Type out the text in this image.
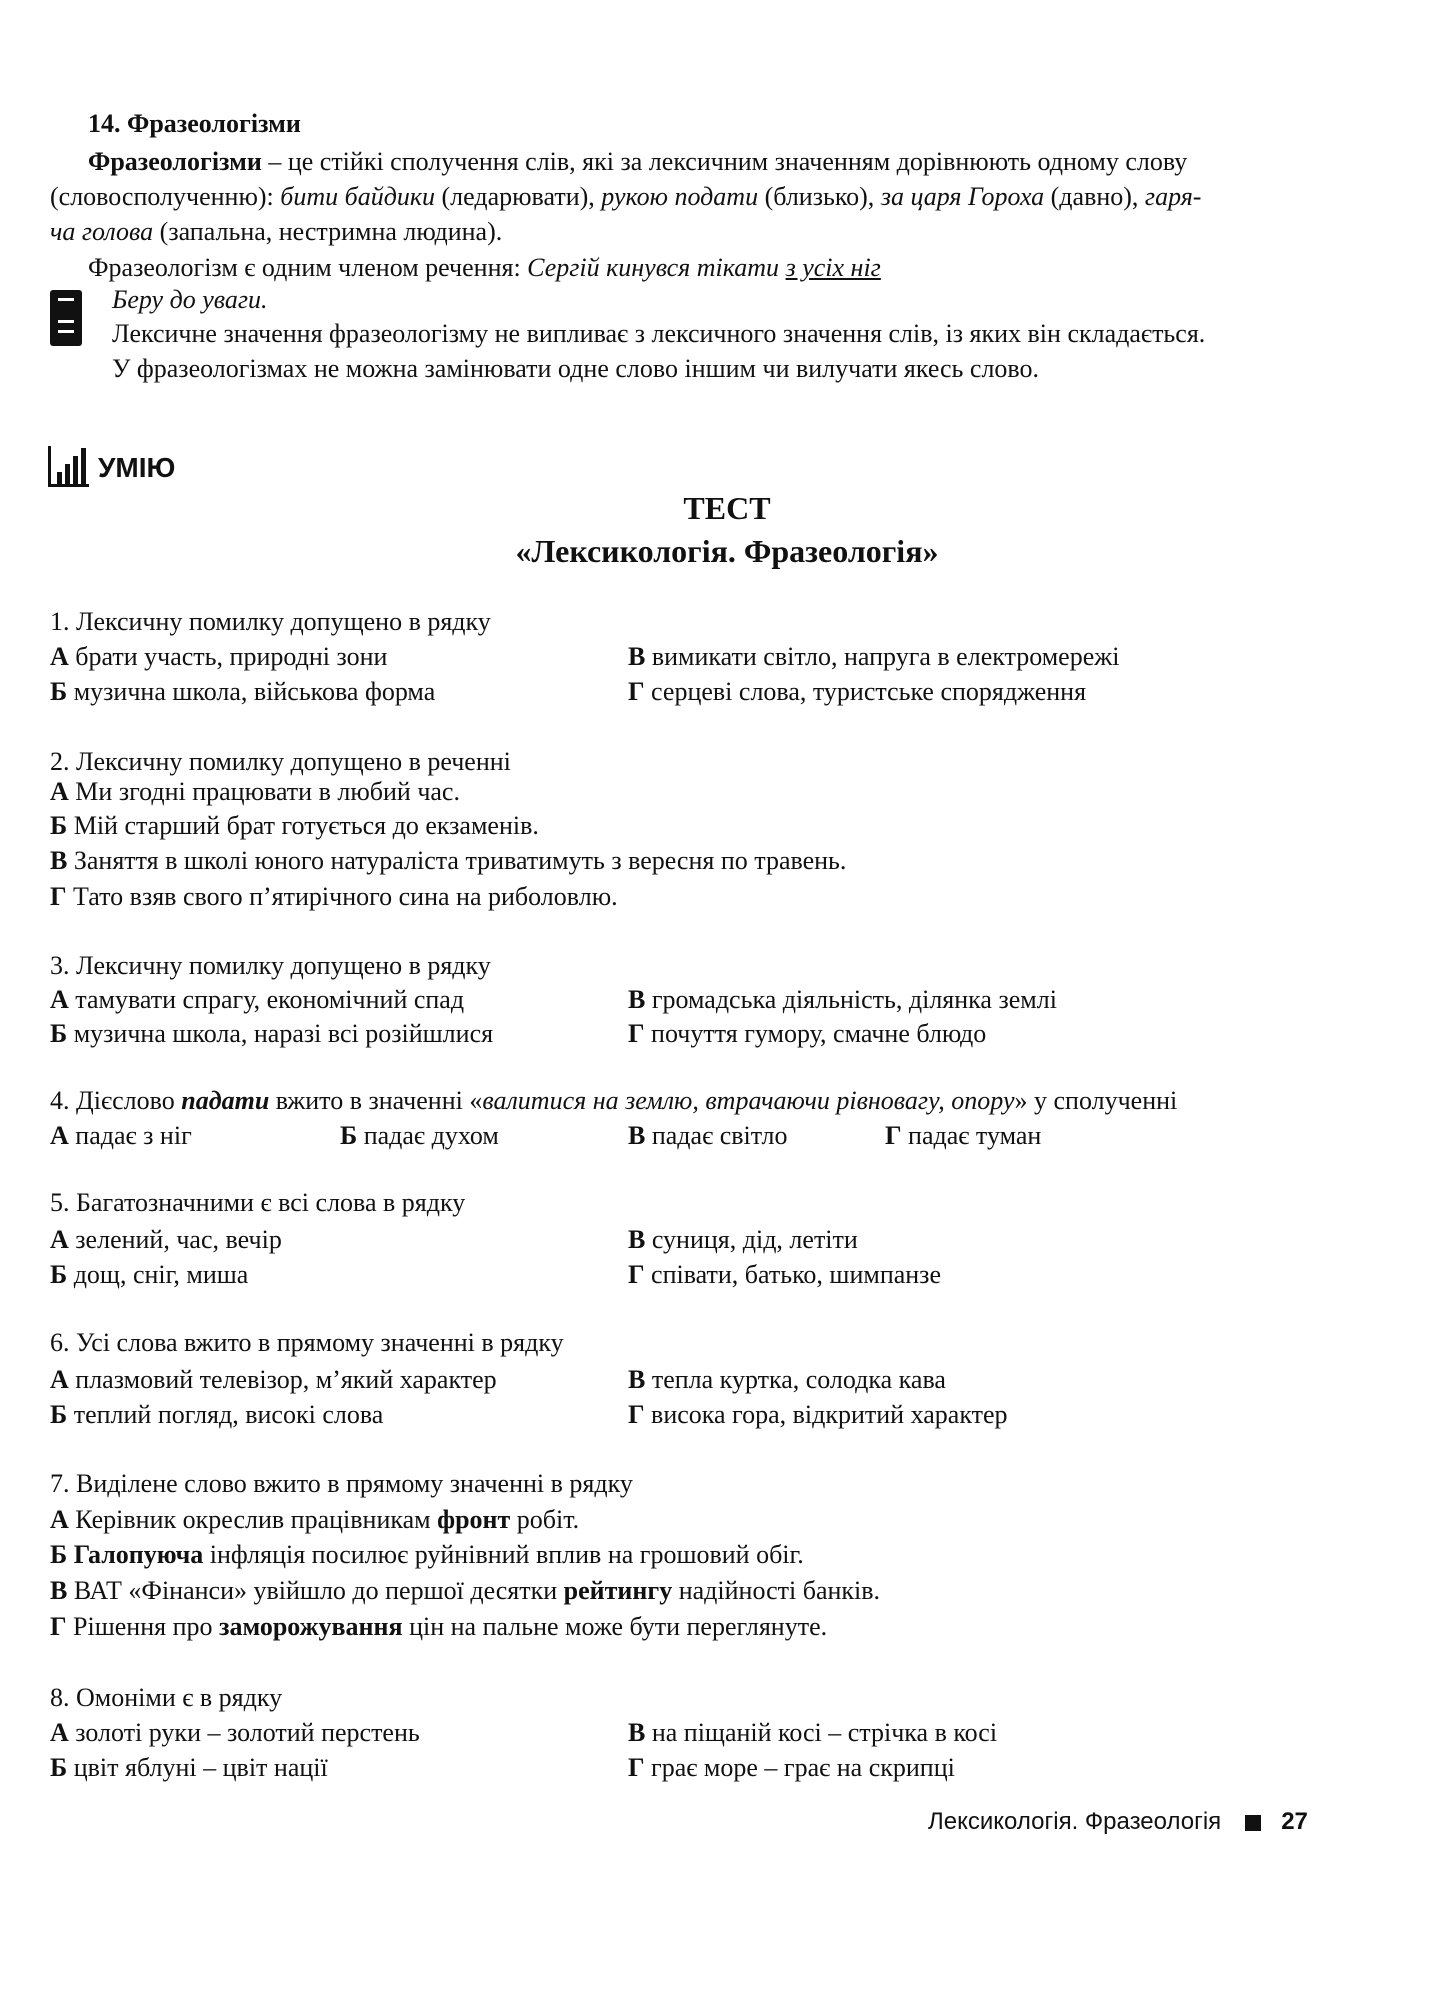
14. Фразеологізми
Фразеологізми – це стійкі сполучення слів, які за лексичним значенням дорівнюють одному слову
(словосполученню): бити байдики (ледарювати), рукою подати (близько), за царя Гороха (давно), гаря-
ча голова (запальна, нестримна людина).
Фразеологізм є одним членом речення: Сергій кинувся тікати з усіх ніг
Беру до уваги.
Лексичне значення фразеологізму не випливає з лексичного значення слів, із яких він складається.
У фразеологізмах не можна замінювати одне слово іншим чи вилучати якесь слово.
УМІЮ
ТЕСТ
«Лексикологія. Фразеологія»
1. Лексичну помилку допущено в рядку
А брати участь, природні зони	В вимикати світло, напруга в електромережі
Б музична школа, військова форма	Г серцеві слова, туристське спорядження
2. Лексичну помилку допущено в реченні
А Ми згодні працювати в любий час.
Б Мій старший брат готується до екзаменів.
В Заняття в школі юного натураліста триватимуть з вересня по травень.
Г Тато взяв свого п’ятирічного сина на риболовлю.
3. Лексичну помилку допущено в рядку
А тамувати спрагу, економічний спад	В громадська діяльність, ділянка землі
Б музична школа, наразі всі розійшлися	Г почуття гумору, смачне блюдо
4. Дієслово падати вжито в значенні «валитися на землю, втрачаючи рівновагу, опору» у сполученні
А падає з ніг	Б падає духом	В падає світло	Г падає туман
5. Багатозначними є всі слова в рядку
А зелений, час, вечір	В суниця, дід, летіти
Б дощ, сніг, миша	Г співати, батько, шимпанзе
6. Усі слова вжито в прямому значенні в рядку
А плазмовий телевізор, м’який характер	В тепла куртка, солодка кава
Б теплий погляд, високі слова	Г висока гора, відкритий характер
7. Виділене слово вжито в прямому значенні в рядку
А Керівник окреслив працівникам фронт робіт.
Б Галопуюча інфляція посилює руйнівний вплив на грошовий обіг.
В ВАТ «Фінанси» увійшло до першої десятки рейтингу надійності банків.
Г Рішення про заморожування цін на пальне може бути переглянуте.
8. Омоніми є в рядку
А золоті руки – золотий перстень	В на піщаній косі – стрічка в косі
Б цвіт яблуні – цвіт нації	Г грає море – грає на скрипці
Лексикологія. Фразеологія	27
